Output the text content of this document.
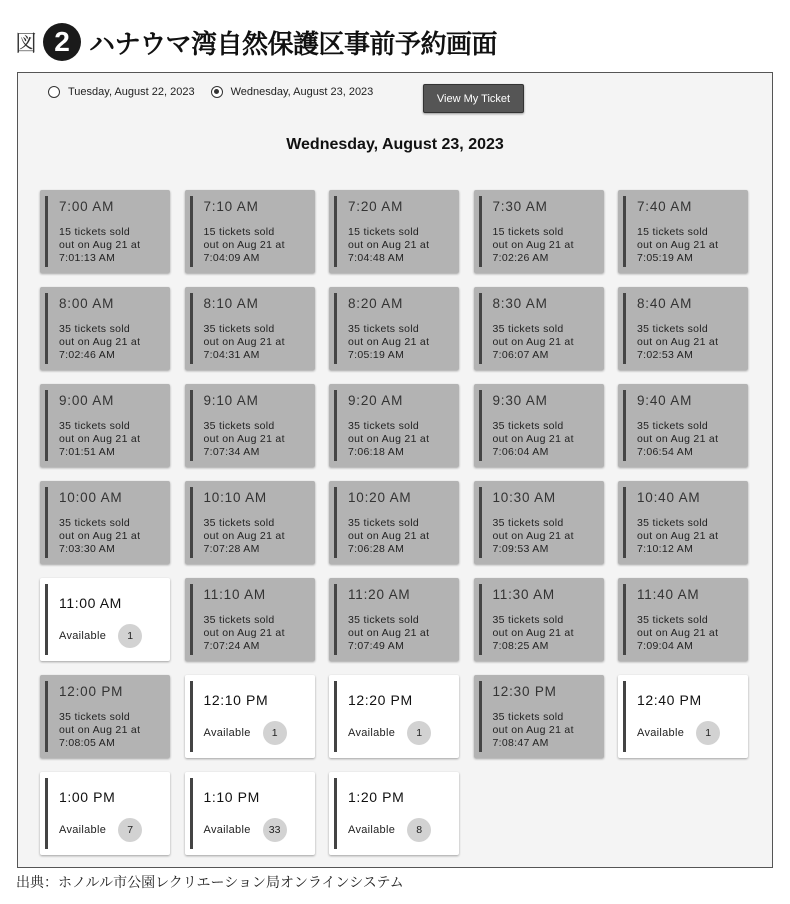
図 2 ハナウマ湾自然保護区事前予約画面
Tuesday, August 22, 2023	Wednesday, August 23, 2023
View My Ticket
Wednesday, August 23, 2023
7:00 AM
15 tickets sold
out on Aug 21 at
7:01:13 AM
7:10 AM
15 tickets sold
out on Aug 21 at
7:04:09 AM
7:20 AM
15 tickets sold
out on Aug 21 at
7:04:48 AM
7:30 AM
15 tickets sold
out on Aug 21 at
7:02:26 AM
7:40 AM
15 tickets sold
out on Aug 21 at
7:05:19 AM
8:00 AM
35 tickets sold
out on Aug 21 at
7:02:46 AM
8:10 AM
35 tickets sold
out on Aug 21 at
7:04:31 AM
8:20 AM
35 tickets sold
out on Aug 21 at
7:05:19 AM
8:30 AM
35 tickets sold
out on Aug 21 at
7:06:07 AM
8:40 AM
35 tickets sold
out on Aug 21 at
7:02:53 AM
9:00 AM
35 tickets sold
out on Aug 21 at
7:01:51 AM
9:10 AM
35 tickets sold
out on Aug 21 at
7:07:34 AM
9:20 AM
35 tickets sold
out on Aug 21 at
7:06:18 AM
9:30 AM
35 tickets sold
out on Aug 21 at
7:06:04 AM
9:40 AM
35 tickets sold
out on Aug 21 at
7:06:54 AM
10:00 AM
35 tickets sold
out on Aug 21 at
7:03:30 AM
10:10 AM
35 tickets sold
out on Aug 21 at
7:07:28 AM
10:20 AM
35 tickets sold
out on Aug 21 at
7:06:28 AM
10:30 AM
35 tickets sold
out on Aug 21 at
7:09:53 AM
10:40 AM
35 tickets sold
out on Aug 21 at
7:10:12 AM
11:00 AM
Available	1
11:10 AM
35 tickets sold
out on Aug 21 at
7:07:24 AM
11:20 AM
35 tickets sold
out on Aug 21 at
7:07:49 AM
11:30 AM
35 tickets sold
out on Aug 21 at
7:08:25 AM
11:40 AM
35 tickets sold
out on Aug 21 at
7:09:04 AM
12:00 PM
35 tickets sold
out on Aug 21 at
7:08:05 AM
12:10 PM
Available	1
12:20 PM
Available	1
12:30 PM
35 tickets sold
out on Aug 21 at
7:08:47 AM
12:40 PM
Available	1
1:00 PM
Available	7
1:10 PM
Available	33
1:20 PM
Available	8
出典：ホノルル市公園レクリエーション局オンラインシステム
